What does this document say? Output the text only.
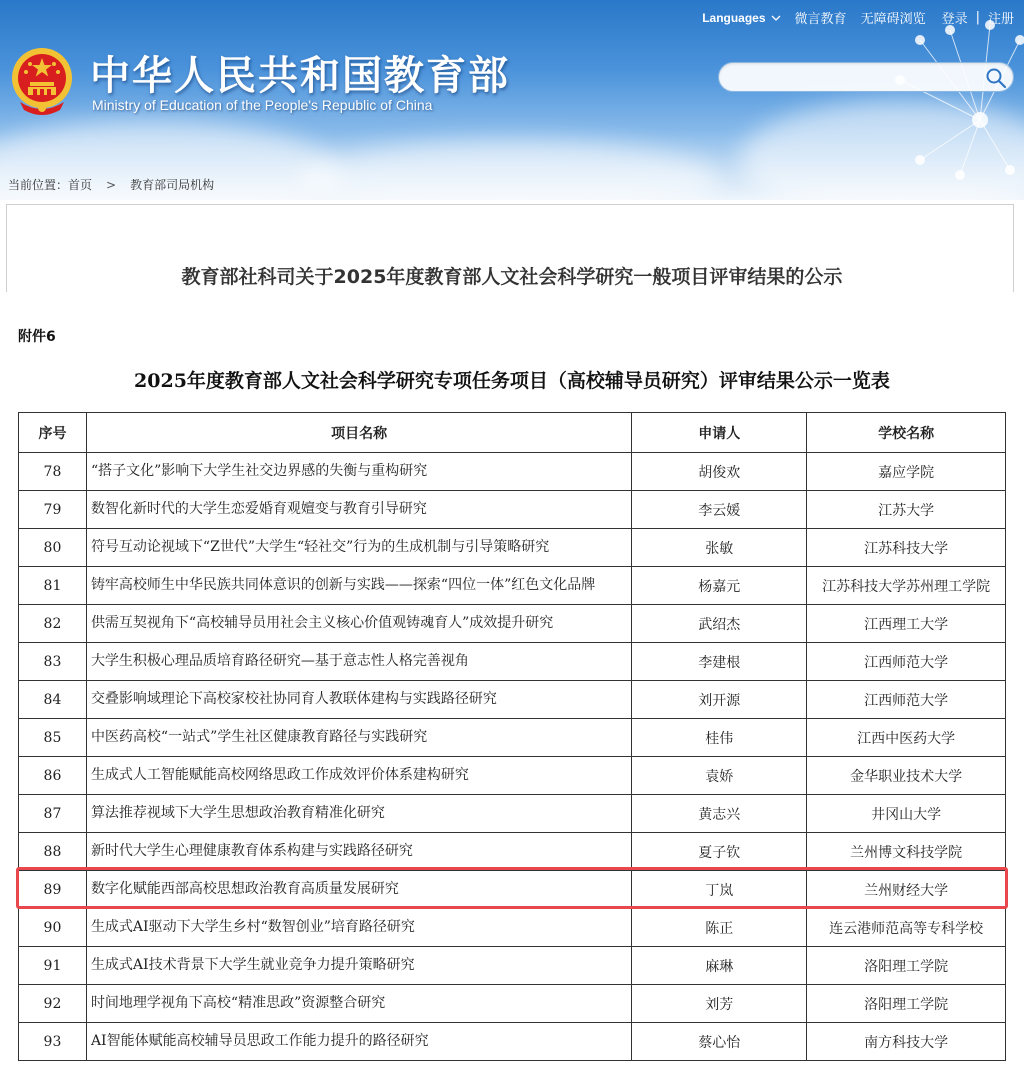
中华人民共和国教育部
Ministry of Education of the People's Republic of China
Languages 微言教育 无障碍浏览 登录 | 注册
当前位置： 首页 > 教育部司局机构
教育部社科司关于2025年度教育部人文社会科学研究一般项目评审结果的公示
附件6
2025年度教育部人文社会科学研究专项任务项目（高校辅导员研究）评审结果公示一览表
序号	项目名称	申请人	学校名称
78	“搭子文化”影响下大学生社交边界感的失衡与重构研究	胡俊欢	嘉应学院
79	数智化新时代的大学生恋爱婚育观嬗变与教育引导研究	李云媛	江苏大学
80	符号互动论视域下“Z世代”大学生“轻社交”行为的生成机制与引导策略研究	张敏	江苏科技大学
81	铸牢高校师生中华民族共同体意识的创新与实践——探索“四位一体”红色文化品牌	杨嘉元	江苏科技大学苏州理工学院
82	供需互契视角下“高校辅导员用社会主义核心价值观铸魂育人”成效提升研究	武绍杰	江西理工大学
83	大学生积极心理品质培育路径研究—基于意志性人格完善视角	李建根	江西师范大学
84	交叠影响域理论下高校家校社协同育人教联体建构与实践路径研究	刘开源	江西师范大学
85	中医药高校“一站式”学生社区健康教育路径与实践研究	桂伟	江西中医药大学
86	生成式人工智能赋能高校网络思政工作成效评价体系建构研究	袁娇	金华职业技术大学
87	算法推荐视域下大学生思想政治教育精准化研究	黄志兴	井冈山大学
88	新时代大学生心理健康教育体系构建与实践路径研究	夏子钦	兰州博文科技学院
89	数字化赋能西部高校思想政治教育高质量发展研究	丁岚	兰州财经大学
90	生成式AI驱动下大学生乡村“数智创业”培育路径研究	陈正	连云港师范高等专科学校
91	生成式AI技术背景下大学生就业竞争力提升策略研究	麻琳	洛阳理工学院
92	时间地理学视角下高校“精准思政”资源整合研究	刘芳	洛阳理工学院
93	AI智能体赋能高校辅导员思政工作能力提升的路径研究	蔡心怡	南方科技大学
